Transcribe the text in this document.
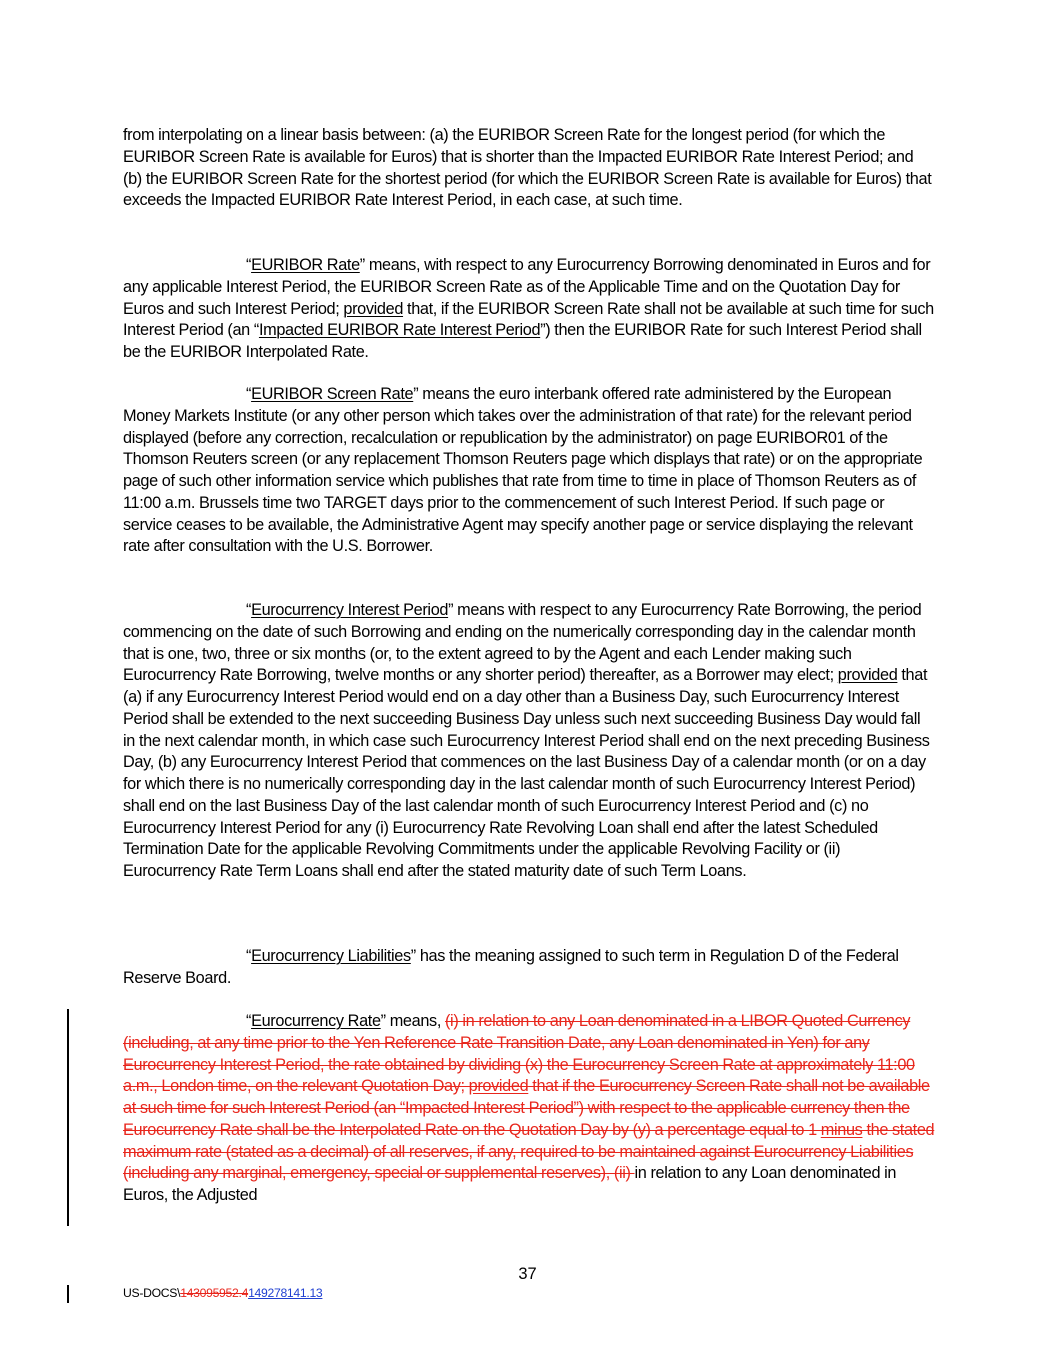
from interpolating on a linear basis between: (a) the EURIBOR Screen Rate for the longest period (for which the EURIBOR Screen Rate is available for Euros) that is shorter than the Impacted EURIBOR Rate Interest Period; and (b) the EURIBOR Screen Rate for the shortest period (for which the EURIBOR Screen Rate is available for Euros) that exceeds the Impacted EURIBOR Rate Interest Period, in each case, at such time.
“EURIBOR Rate” means, with respect to any Eurocurrency Borrowing denominated in Euros and for any applicable Interest Period, the EURIBOR Screen Rate as of the Applicable Time and on the Quotation Day for Euros and such Interest Period; provided that, if the EURIBOR Screen Rate shall not be available at such time for such Interest Period (an “Impacted EURIBOR Rate Interest Period”) then the EURIBOR Rate for such Interest Period shall be the EURIBOR Interpolated Rate.
“EURIBOR Screen Rate” means the euro interbank offered rate administered by the European Money Markets Institute (or any other person which takes over the administration of that rate) for the relevant period displayed (before any correction, recalculation or republication by the administrator) on page EURIBOR01 of the Thomson Reuters screen (or any replacement Thomson Reuters page which displays that rate) or on the appropriate page of such other information service which publishes that rate from time to time in place of Thomson Reuters as of 11:00 a.m. Brussels time two TARGET days prior to the commencement of such Interest Period. If such page or service ceases to be available, the Administrative Agent may specify another page or service displaying the relevant rate after consultation with the U.S. Borrower.
“Eurocurrency Interest Period” means with respect to any Eurocurrency Rate Borrowing, the period commencing on the date of such Borrowing and ending on the numerically corresponding day in the calendar month that is one, two, three or six months (or, to the extent agreed to by the Agent and each Lender making such Eurocurrency Rate Borrowing, twelve months or any shorter period) thereafter, as a Borrower may elect; provided that (a) if any Eurocurrency Interest Period would end on a day other than a Business Day, such Eurocurrency Interest Period shall be extended to the next succeeding Business Day unless such next succeeding Business Day would fall in the next calendar month, in which case such Eurocurrency Interest Period shall end on the next preceding Business Day, (b) any Eurocurrency Interest Period that commences on the last Business Day of a calendar month (or on a day for which there is no numerically corresponding day in the last calendar month of such Eurocurrency Interest Period) shall end on the last Business Day of the last calendar month of such Eurocurrency Interest Period and (c) no Eurocurrency Interest Period for any (i) Eurocurrency Rate Revolving Loan shall end after the latest Scheduled Termination Date for the applicable Revolving Commitments under the applicable Revolving Facility or (ii) Eurocurrency Rate Term Loans shall end after the stated maturity date of such Term Loans.
“Eurocurrency Liabilities” has the meaning assigned to such term in Regulation D of the Federal Reserve Board.
“Eurocurrency Rate” means, (i) in relation to any Loan denominated in a LIBOR Quoted Currency (including, at any time prior to the Yen Reference Rate Transition Date, any Loan denominated in Yen) for any Eurocurrency Interest Period, the rate obtained by dividing (x) the Eurocurrency Screen Rate at approximately 11:00 a.m., London time, on the relevant Quotation Day; provided that if the Eurocurrency Screen Rate shall not be available at such time for such Interest Period (an “Impacted Interest Period”) with respect to the applicable currency then the Eurocurrency Rate shall be the Interpolated Rate on the Quotation Day by (y) a percentage equal to 1 minus the stated maximum rate (stated as a decimal) of all reserves, if any, required to be maintained against Eurocurrency Liabilities (including any marginal, emergency, special or supplemental reserves), (ii) in relation to any Loan denominated in Euros, the Adjusted
37
US-DOCS\143095952.4149278141.13
